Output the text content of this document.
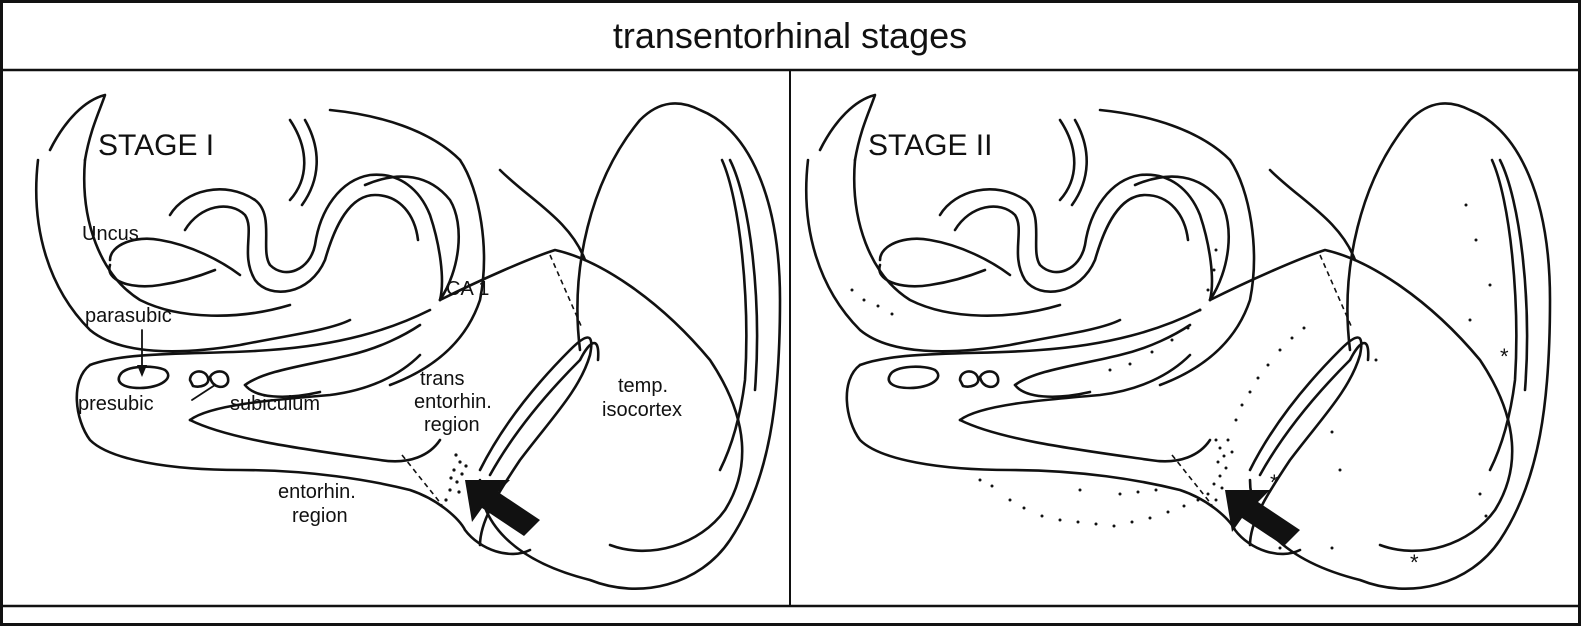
transentorhinal stages
STAGE I
Uncus
CA 1
parasubic
presubic	subiculum
trans
entorhin.
region
entorhin.
region
temp.
isocortex
STAGE II
*
*
*
